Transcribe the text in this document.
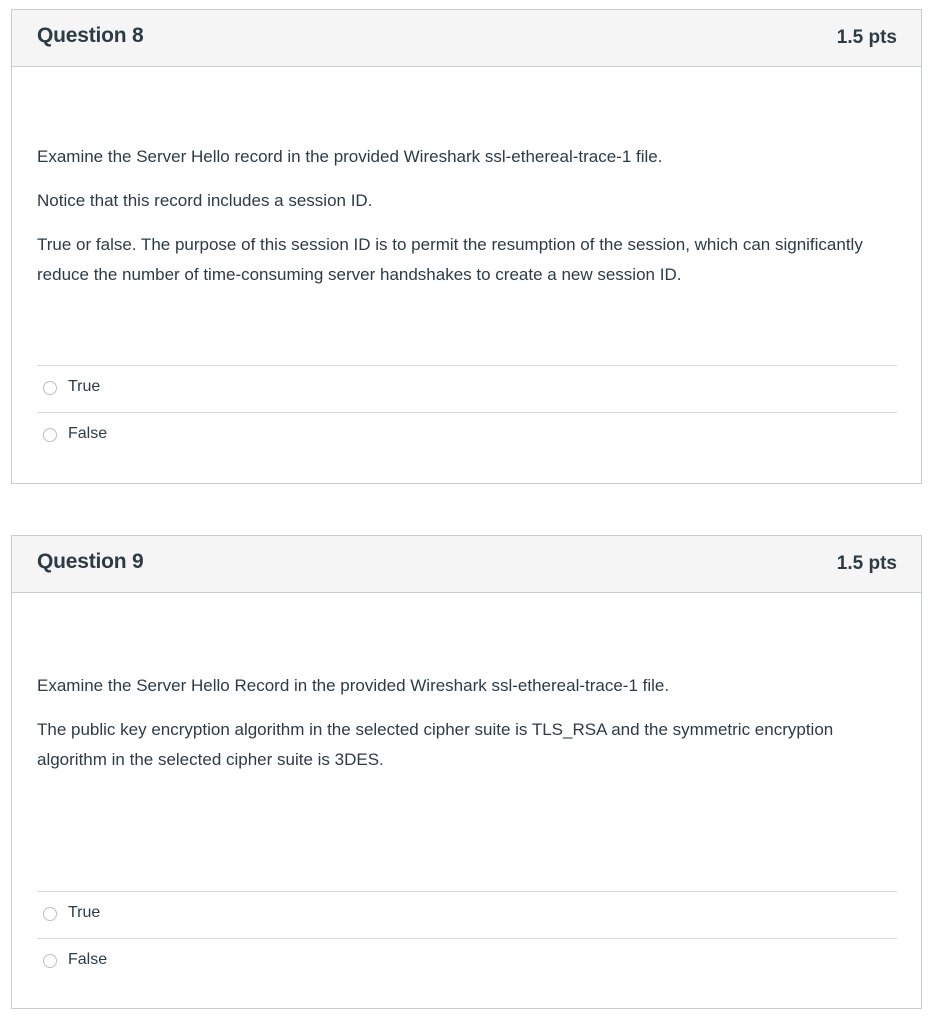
Question 8	1.5 pts

Examine the Server Hello record in the provided Wireshark ssl-ethereal-trace-1 file.

Notice that this record includes a session ID.

True or false. The purpose of this session ID is to permit the resumption of the session, which can significantly reduce the number of time-consuming server handshakes to create a new session ID.

True
False
Question 9	1.5 pts

Examine the Server Hello Record in the provided Wireshark ssl-ethereal-trace-1 file.

The public key encryption algorithm in the selected cipher suite is TLS_RSA and the symmetric encryption algorithm in the selected cipher suite is 3DES.

True
False
